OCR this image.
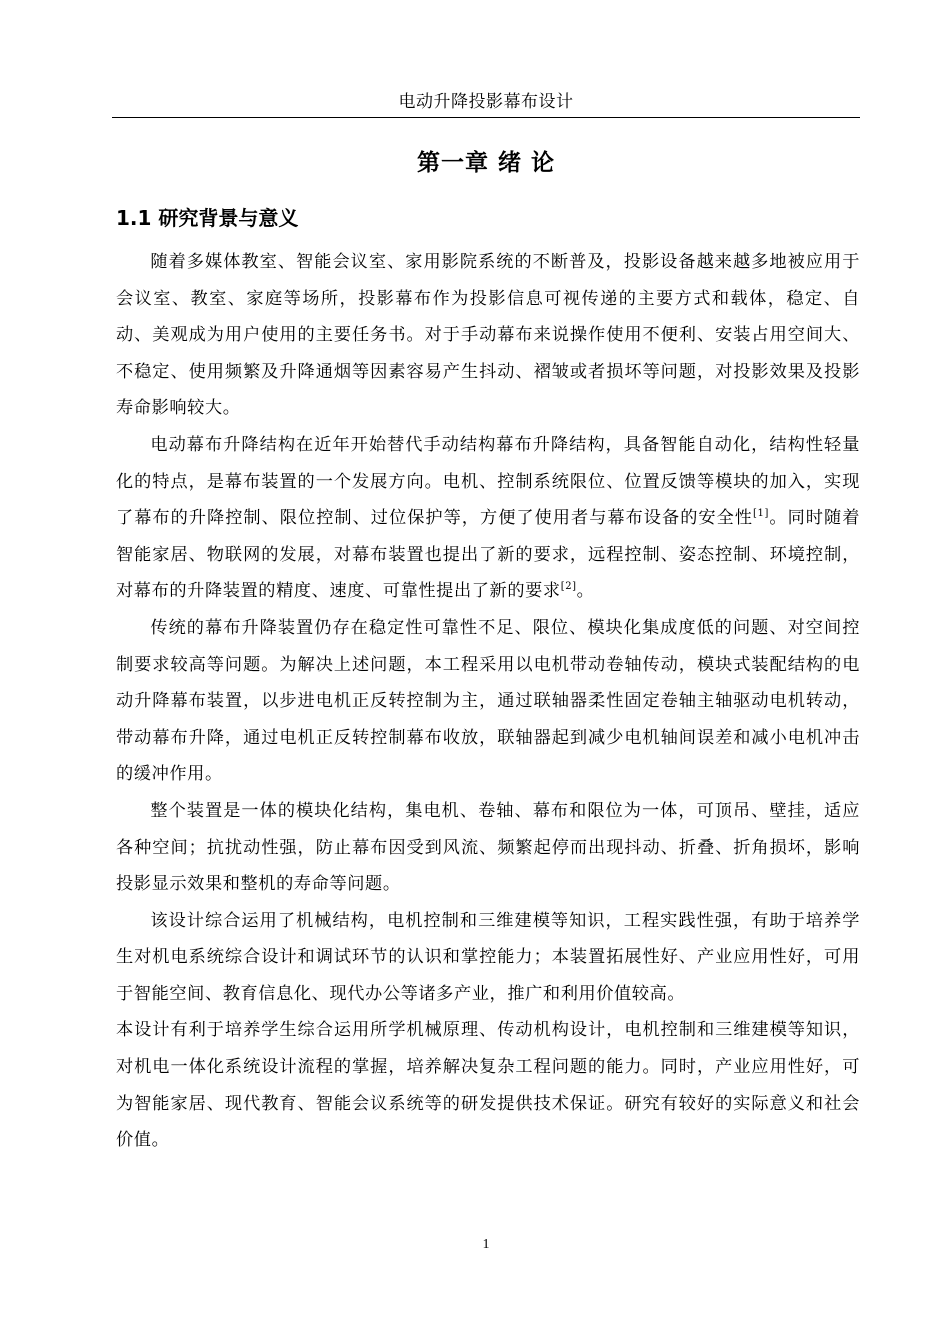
电动升降投影幕布设计
第一章 绪 论
1.1 研究背景与意义

随着多媒体教室、智能会议室、家用影院系统的不断普及，投影设备越来越多地被应用于会议室、教室、家庭等场所，投影幕布作为投影信息可视传递的主要方式和载体，稳定、自动、美观成为用户使用的主要任务书。对于手动幕布来说操作使用不便利、安装占用空间大、不稳定、使用频繁及升降通烟等因素容易产生抖动、褶皱或者损坏等问题，对投影效果及投影寿命影响较大。

电动幕布升降结构在近年开始替代手动结构幕布升降结构，具备智能自动化，结构性轻量化的特点，是幕布装置的一个发展方向。电机、控制系统限位、位置反馈等模块的加入，实现了幕布的升降控制、限位控制、过位保护等，方便了使用者与幕布设备的安全性[1]。同时随着智能家居、物联网的发展，对幕布装置也提出了新的要求，远程控制、姿态控制、环境控制，对幕布的升降装置的精度、速度、可靠性提出了新的要求[2]。

传统的幕布升降装置仍存在稳定性可靠性不足、限位、模块化集成度低的问题、对空间控制要求较高等问题。为解决上述问题，本工程采用以电机带动卷轴传动，模块式装配结构的电动升降幕布装置，以步进电机正反转控制为主，通过联轴器柔性固定卷轴主轴驱动电机转动，带动幕布升降，通过电机正反转控制幕布收放，联轴器起到减少电机轴间误差和减小电机冲击的缓冲作用。

整个装置是一体的模块化结构，集电机、卷轴、幕布和限位为一体，可顶吊、壁挂，适应各种空间；抗扰动性强，防止幕布因受到风流、频繁起停而出现抖动、折叠、折角损坏，影响投影显示效果和整机的寿命等问题。

该设计综合运用了机械结构，电机控制和三维建模等知识，工程实践性强，有助于培养学生对机电系统综合设计和调试环节的认识和掌控能力；本装置拓展性好、产业应用性好，可用于智能空间、教育信息化、现代办公等诸多产业，推广和利用价值较高。

本设计有利于培养学生综合运用所学机械原理、传动机构设计，电机控制和三维建模等知识，对机电一体化系统设计流程的掌握，培养解决复杂工程问题的能力。同时，产业应用性好，可为智能家居、现代教育、智能会议系统等的研发提供技术保证。研究有较好的实际意义和社会价值。

1
